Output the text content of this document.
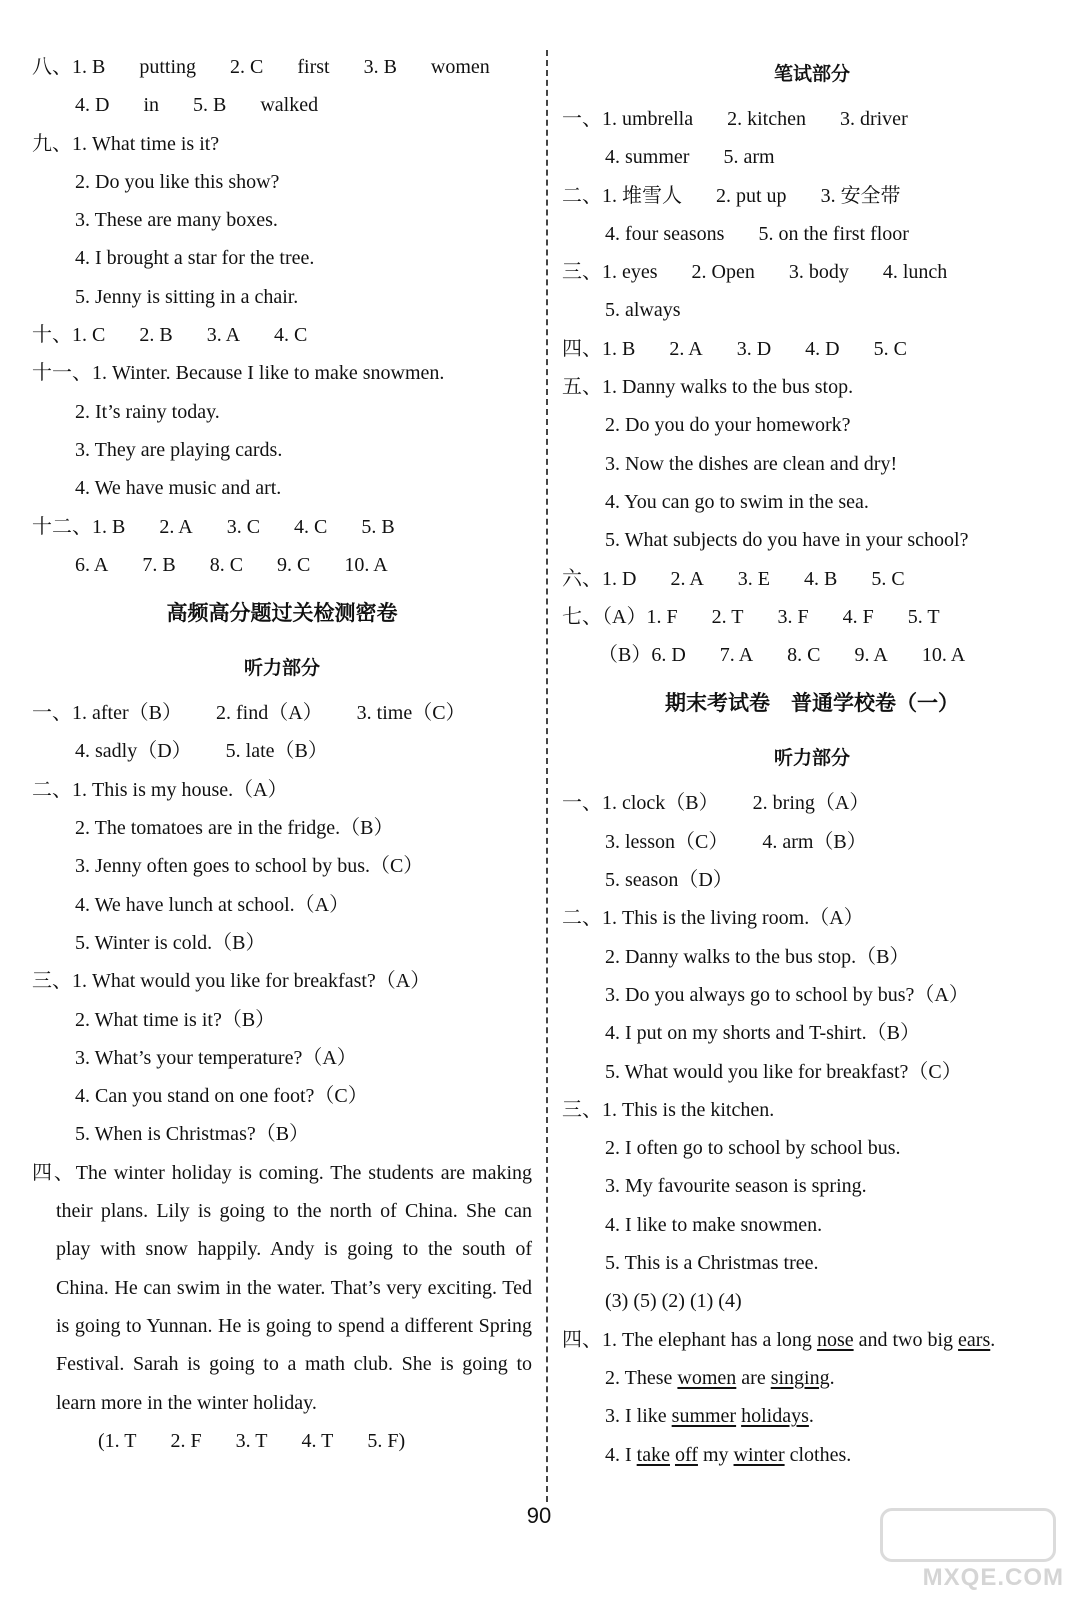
八、1. B putting 2. C first 3. B women
4. D in 5. B walked
九、1. What time is it?
2. Do you like this show?
3. These are many boxes.
4. I brought a star for the tree.
5. Jenny is sitting in a chair.
十、1. C 2. B 3. A 4. C
十一、1. Winter. Because I like to make snowmen.
2. It’s rainy today.
3. They are playing cards.
4. We have music and art.
十二、1. B 2. A 3. C 4. C 5. B
6. A 7. B 8. C 9. C 10. A
高频高分题过关检测密卷
听力部分
一、1. after（B） 2. find（A） 3. time（C）
4. sadly（D） 5. late（B）
二、1. This is my house.（A）
2. The tomatoes are in the fridge.（B）
3. Jenny often goes to school by bus.（C）
4. We have lunch at school.（A）
5. Winter is cold.（B）
三、1. What would you like for breakfast?（A）
2. What time is it?（B）
3. What’s your temperature?（A）
4. Can you stand on one foot?（C）
5. When is Christmas?（B）
四、The winter holiday is coming. The students are making their plans. Lily is going to the north of China. She can play with snow happily. Andy is going to the south of China. He can swim in the water. That’s very exciting. Ted is going to Yunnan. He is going to spend a different Spring Festival. Sarah is going to a math club. She is going to learn more in the winter holiday.
(1. T 2. F 3. T 4. T 5. F)
笔试部分
一、1. umbrella 2. kitchen 3. driver
4. summer 5. arm
二、1. 堆雪人 2. put up 3. 安全带
4. four seasons 5. on the first floor
三、1. eyes 2. Open 3. body 4. lunch
5. always
四、1. B 2. A 3. D 4. D 5. C
五、1. Danny walks to the bus stop.
2. Do you do your homework?
3. Now the dishes are clean and dry!
4. You can go to swim in the sea.
5. What subjects do you have in your school?
六、1. D 2. A 3. E 4. B 5. C
七、（A）1. F 2. T 3. F 4. F 5. T
（B）6. D 7. A 8. C 9. A 10. A
期末考试卷　普通学校卷（一）
听力部分
一、1. clock（B） 2. bring（A）
3. lesson（C） 4. arm（B）
5. season（D）
二、1. This is the living room.（A）
2. Danny walks to the bus stop.（B）
3. Do you always go to school by bus?（A）
4. I put on my shorts and T-shirt.（B）
5. What would you like for breakfast?（C）
三、1. This is the kitchen.
2. I often go to school by school bus.
3. My favourite season is spring.
4. I like to make snowmen.
5. This is a Christmas tree.
(3) (5) (2) (1) (4)
四、1. The elephant has a long nose and two big ears.
2. These women are singing.
3. I like summer holidays.
4. I take off my winter clothes.
90
MXQE.COM
